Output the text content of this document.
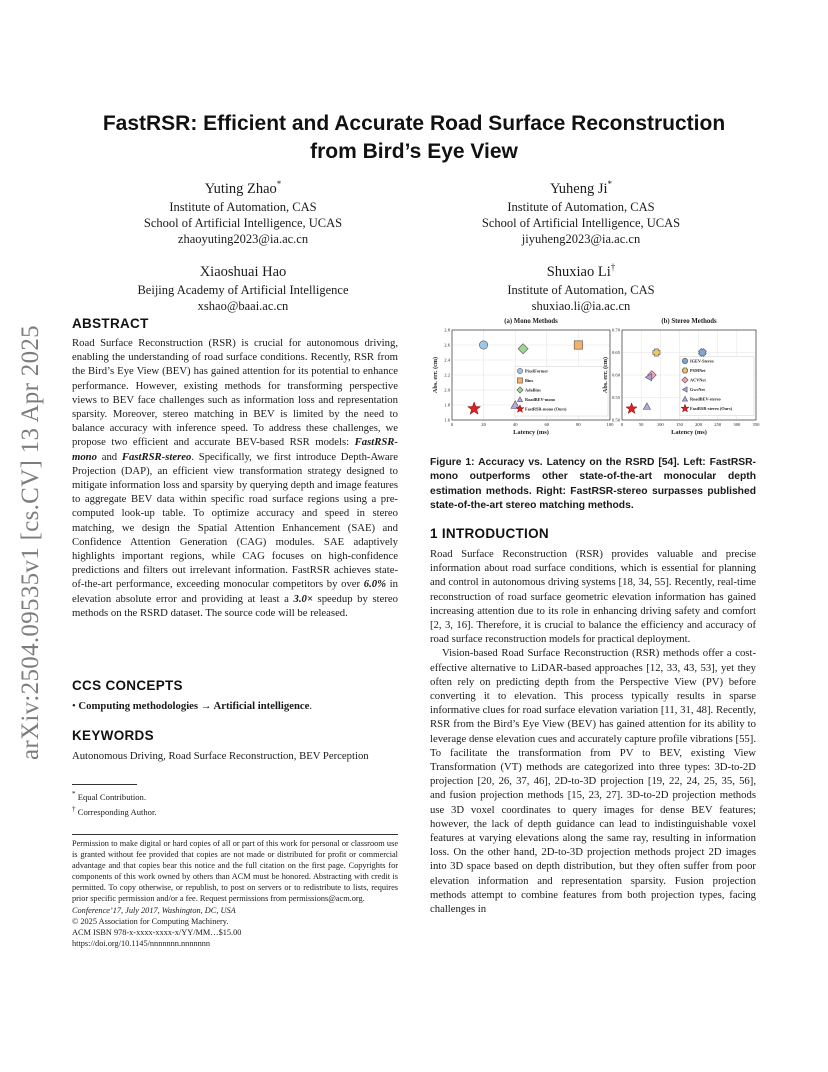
arXiv:2504.09535v1 [cs.CV] 13 Apr 2025
FastRSR: Efficient and Accurate Road Surface Reconstruction
from Bird’s Eye View
Yuting Zhao*
Institute of Automation, CAS
School of Artificial Intelligence, UCAS
zhaoyuting2023@ia.ac.cn
Yuheng Ji*
Institute of Automation, CAS
School of Artificial Intelligence, UCAS
jiyuheng2023@ia.ac.cn
Xiaoshuai Hao
Beijing Academy of Artificial Intelligence
xshao@baai.ac.cn
Shuxiao Li†
Institute of Automation, CAS
shuxiao.li@ia.ac.cn
ABSTRACT

Road Surface Reconstruction (RSR) is crucial for autonomous driving, enabling the understanding of road surface conditions. Recently, RSR from the Bird’s Eye View (BEV) has gained attention for its potential to enhance performance. However, existing methods for transforming perspective views to BEV face challenges such as information loss and representation sparsity. Moreover, stereo matching in BEV is limited by the need to balance accuracy with inference speed. To address these challenges, we propose two efficient and accurate BEV-based RSR models: FastRSR-mono and FastRSR-stereo. Specifically, we first introduce Depth-Aware Projection (DAP), an efficient view transformation strategy designed to mitigate information loss and sparsity by querying depth and image features to aggregate BEV data within specific road surface regions using a pre-computed look-up table. To optimize accuracy and speed in stereo matching, we design the Spatial Attention Enhancement (SAE) and Confidence Attention Generation (CAG) modules. SAE adaptively highlights important regions, while CAG focuses on high-confidence predictions and filters out irrelevant information. FastRSR achieves state-of-the-art performance, exceeding monocular competitors by over 6.0% in elevation absolute error and providing at least a 3.0× speedup by stereo methods on the RSRD dataset. The source code will be released.

CCS CONCEPTS

• Computing methodologies → Artificial intelligence.

KEYWORDS

Autonomous Driving, Road Surface Reconstruction, BEV Perception

* Equal Contribution.

† Corresponding Author.

Permission to make digital or hard copies of all or part of this work for personal or classroom use is granted without fee provided that copies are not made or distributed for profit or commercial advantage and that copies bear this notice and the full citation on the first page. Copyrights for components of this work owned by others than ACM must be honored. Abstracting with credit is permitted. To copy otherwise, or republish, to post on servers or to redistribute to lists, requires prior specific permission and/or a fee. Request permissions from permissions@acm.org.

Conference’17, July 2017, Washington, DC, USA

© 2025 Association for Computing Machinery.

ACM ISBN 978-x-xxxx-xxxx-x/YY/MM…$15.00

https://doi.org/10.1145/nnnnnnn.nnnnnnn

(a) Mono Methods
Latency (ms)
Abs. err. (cm)
0	20	40	60	80	100
1.6
1.8
2.0
2.2
2.4
2.6
2.8
PixelFormer
Bins
AdaBins
RoadBEV-mono
FastRSR-mono (Ours)
(b) Stereo Methods
Latency (ms)
Abs. err. (cm)
0	50	100	150	200	250	300	350
0.50
0.55
0.60
0.65
0.70
IGEV-Stereo
PSMNet
ACVNet
GwcNet
RoadBEV-stereo
FastRSR-stereo (Ours)

Figure 1: Accuracy vs. Latency on the RSRD [54]. Left: FastRSR-mono outperforms other state-of-the-art monocular depth estimation methods. Right: FastRSR-stereo surpasses published state-of-the-art stereo matching methods.

1 INTRODUCTION

Road Surface Reconstruction (RSR) provides valuable and precise information about road surface conditions, which is essential for planning and control in autonomous driving systems [18, 34, 55]. Recently, real-time reconstruction of road surface geometric elevation information has gained increasing attention due to its role in enhancing driving safety and comfort [2, 3, 16]. Therefore, it is crucial to balance the efficiency and accuracy of road surface reconstruction models for practical deployment.

Vision-based Road Surface Reconstruction (RSR) methods offer a cost-effective alternative to LiDAR-based approaches [12, 33, 43, 53], yet they often rely on predicting depth from the Perspective View (PV) before converting it to elevation. This process typically results in sparse informative clues for road surface elevation variation [11, 31, 48]. Recently, RSR from the Bird’s Eye View (BEV) has gained attention for its ability to leverage dense elevation cues and accurately capture profile vibrations [55]. To facilitate the transformation from PV to BEV, existing View Transformation (VT) methods are categorized into three types: 3D-to-2D projection [20, 26, 37, 46], 2D-to-3D projection [19, 22, 24, 25, 35, 56], and fusion projection methods [15, 23, 27]. 3D-to-2D projection methods use 3D voxel coordinates to query images for dense BEV features; however, the lack of depth guidance can lead to indistinguishable voxel features at varying elevations along the same ray, resulting in information loss. On the other hand, 2D-to-3D projection methods project 2D images into 3D space based on depth distribution, but they often suffer from poor elevation information and representation sparsity. Fusion projection methods attempt to combine features from both projection types, facing challenges in
